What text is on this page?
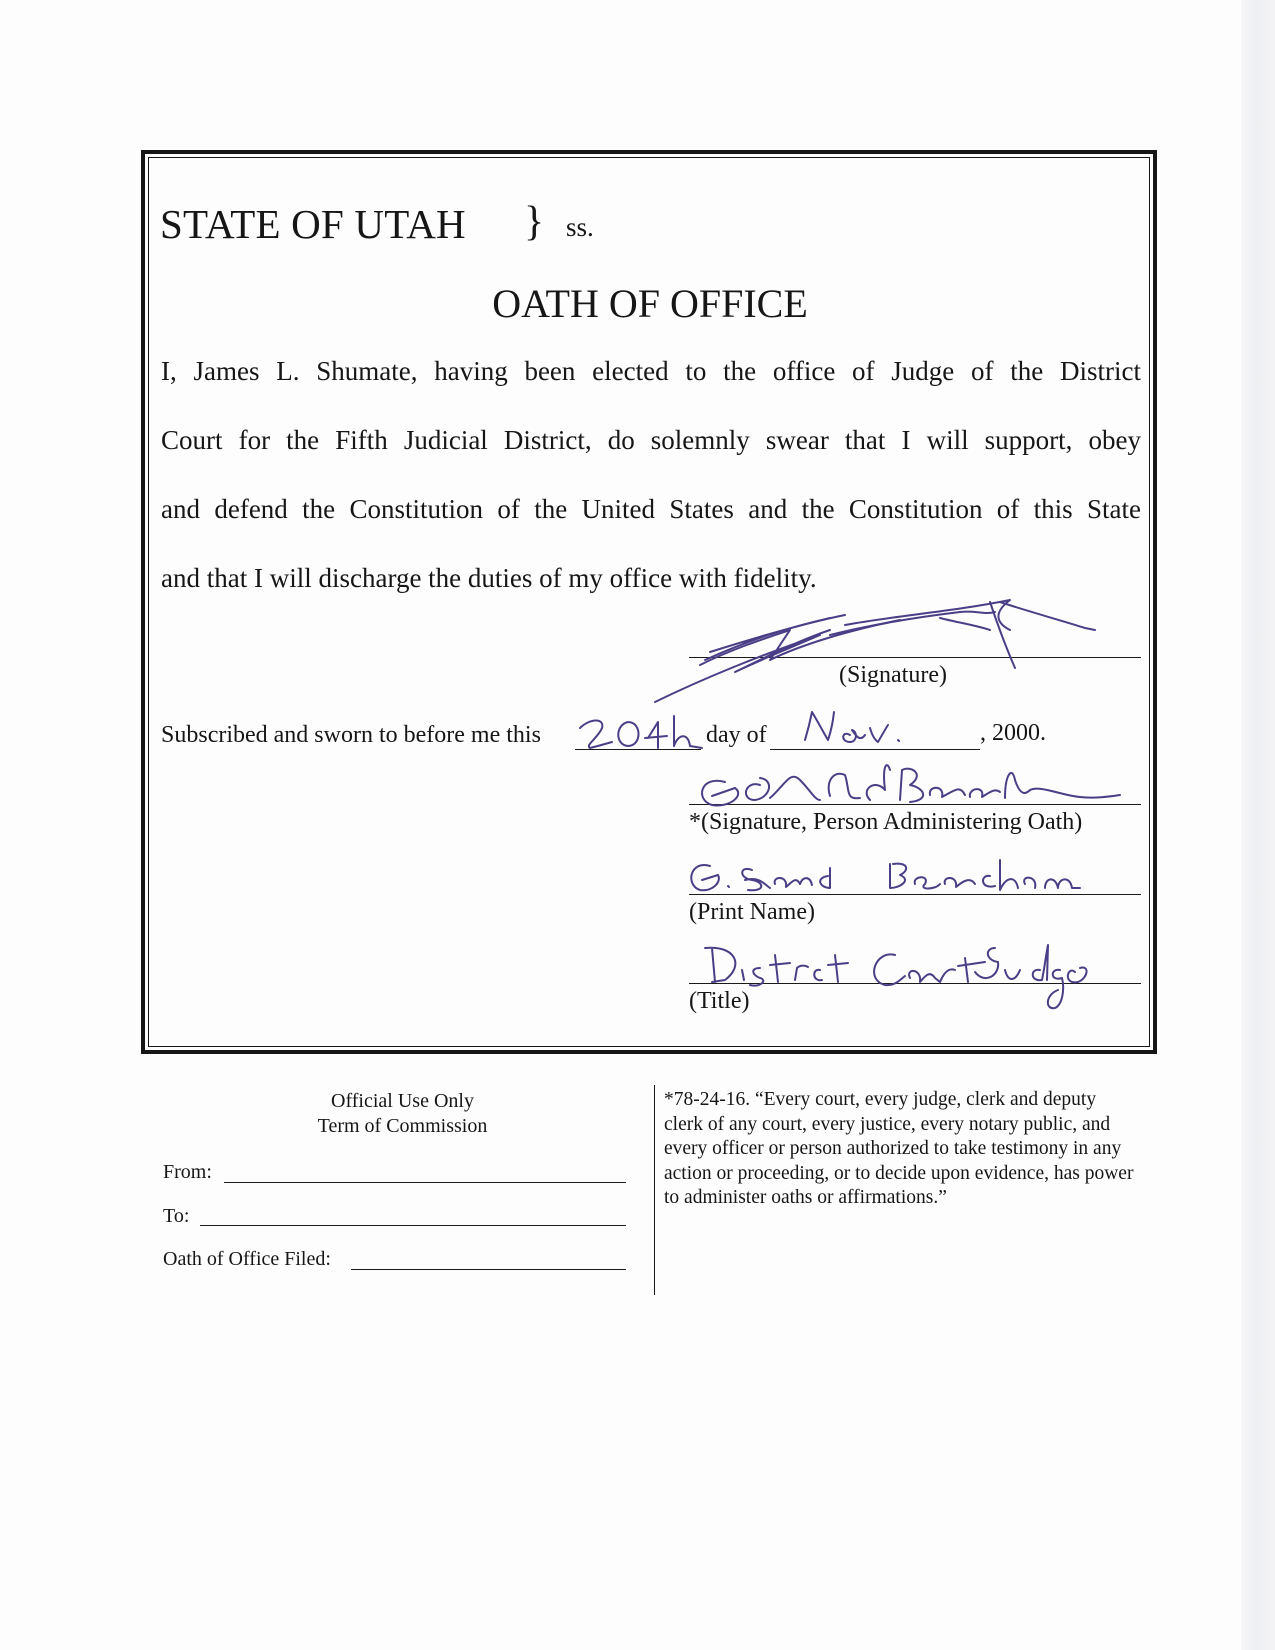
STATE OF UTAH } ss.
OATH OF OFFICE
I, James L. Shumate, having been elected to the office of Judge of the District
Court for the Fifth Judicial District, do solemnly swear that I will support, obey
and defend the Constitution of the United States and the Constitution of this State
and that I will discharge the duties of my office with fidelity.
(Signature)
Subscribed and sworn to before me this	day of	, 2000.
*(Signature, Person Administering Oath)
(Print Name)
(Title)
Official Use Only
Term of Commission
From:
To:
Oath of Office Filed:
*78-24-16. “Every court, every judge, clerk and deputy clerk of any court, every justice, every notary public, and every officer or person authorized to take testimony in any action or proceeding, or to decide upon evidence, has power to administer oaths or affirmations.”
